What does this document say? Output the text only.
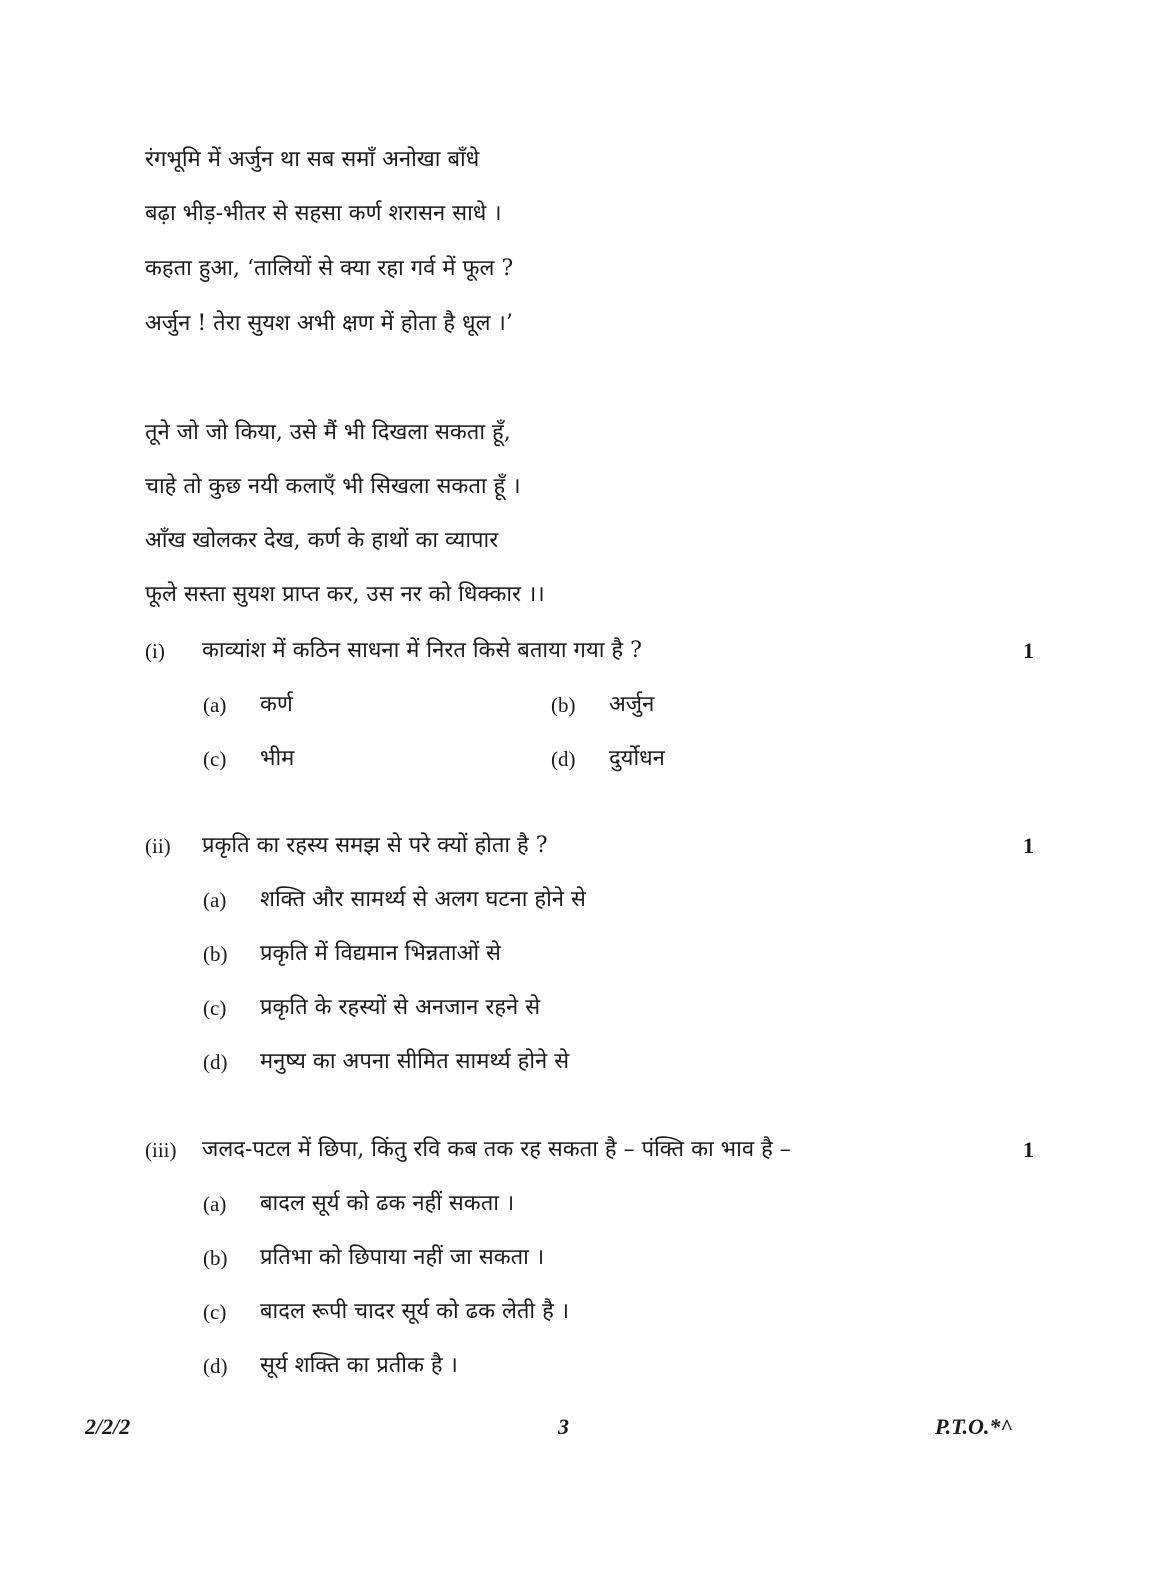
रंगभूमि में अर्जुन था सब समाँ अनोखा बाँधे
बढ़ा भीड़-भीतर से सहसा कर्ण शरासन साधे ।
कहता हुआ, ‘तालियों से क्या रहा गर्व में फूल ?
अर्जुन ! तेरा सुयश अभी क्षण में होता है धूल ।’
तूने जो जो किया, उसे मैं भी दिखला सकता हूँ,
चाहे तो कुछ नयी कलाएँ भी सिखला सकता हूँ ।
आँख खोलकर देख, कर्ण के हाथों का व्यापार
फूले सस्ता सुयश प्राप्त कर, उस नर को धिक्कार ।।
(i) काव्यांश में कठिन साधना में निरत किसे बताया गया है ?	1
(a) कर्ण	(b) अर्जुन
(c) भीम	(d) दुर्योधन
(ii) प्रकृति का रहस्य समझ से परे क्यों होता है ?	1
(a) शक्ति और सामर्थ्य से अलग घटना होने से
(b) प्रकृति में विद्यमान भिन्नताओं से
(c) प्रकृति के रहस्यों से अनजान रहने से
(d) मनुष्य का अपना सीमित सामर्थ्य होने से
(iii) जलद-पटल में छिपा, किंतु रवि कब तक रह सकता है – पंक्ति का भाव है –	1
(a) बादल सूर्य को ढक नहीं सकता ।
(b) प्रतिभा को छिपाया नहीं जा सकता ।
(c) बादल रूपी चादर सूर्य को ढक लेती है ।
(d) सूर्य शक्ति का प्रतीक है ।
2/2/2	3	P.T.O.*^
